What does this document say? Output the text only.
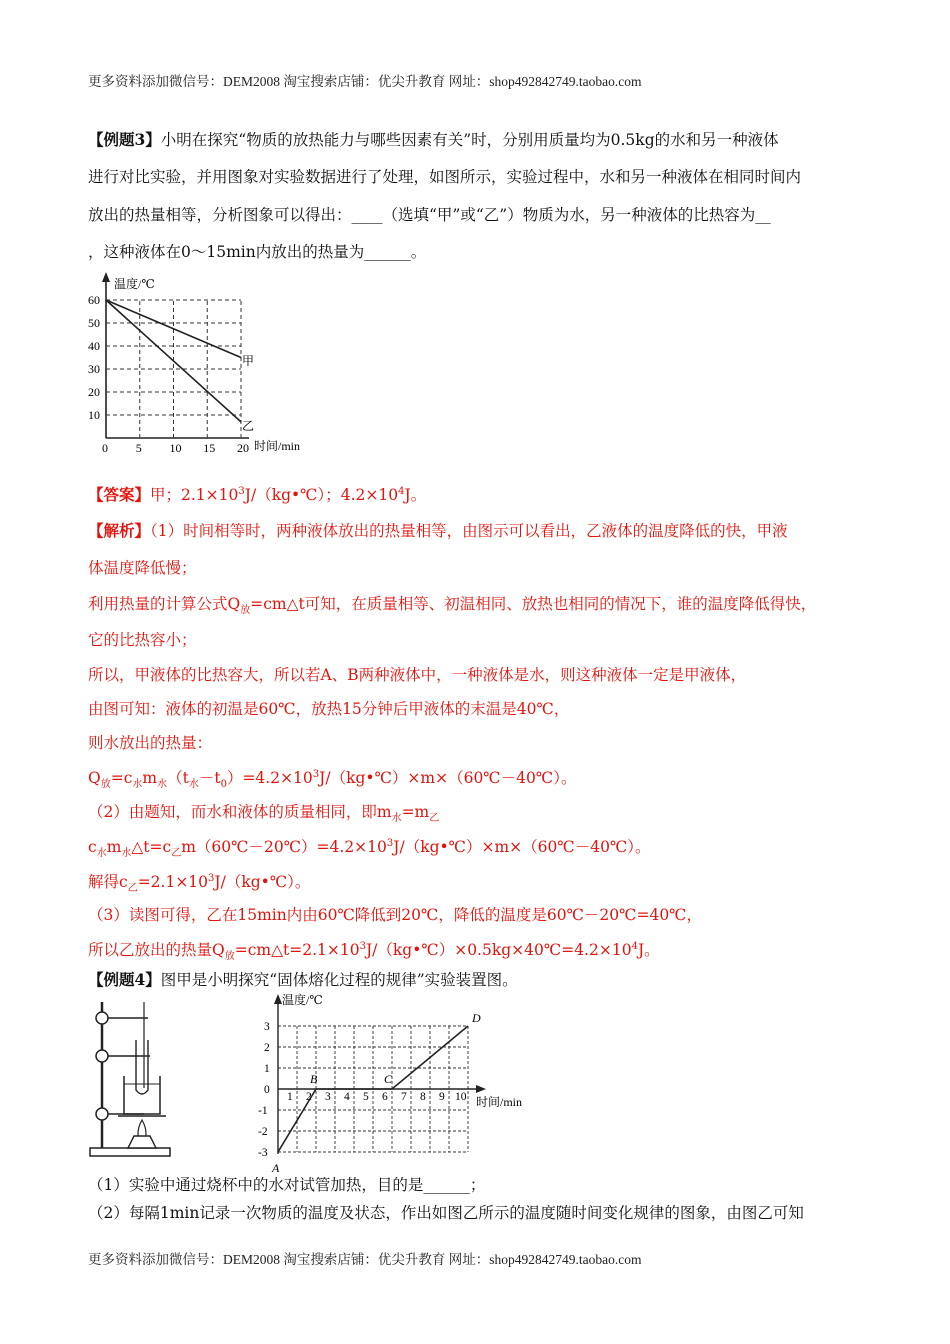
更多资料添加微信号：DEM2008 淘宝搜索店铺：优尖升教育 网址：shop492842749.taobao.com
【例题3】小明在探究“物质的放热能力与哪些因素有关”时，分别用质量均为0.5kg的水和另一种液体
进行对比实验，并用图象对实验数据进行了处理，如图所示，实验过程中，水和另一种液体在相同时间内
放出的热量相等，分析图象可以得出：____（选填“甲”或“乙”）物质为水，另一种液体的比热容为__
，这种液体在0～15min内放出的热量为______。
温度/℃
60
50
40
30
20
10
0 5 10 15 20
甲
乙
时间/min
【答案】甲；$2.1\times 10^3J/(kg•℃)$；$4.2\times 10^4J$。
【解析】（1）时间相等时，两种液体放出的热量相等，由图示可以看出，乙液体的温度降低的快，甲液
体温度降低慢；
利用热量的计算公式$Q_放=cm\triangle t$可知，在质量相等、初温相同、放热也相同的情况下，谁的温度降低得快，
它的比热容小；
所以，甲液体的比热容大，所以若A、B两种液体中，一种液体是水，则这种液体一定是甲液体，
由图可知：液体的初温是60℃，放热15分钟后甲液体的末温是40℃，
则水放出的热量：
$Q_放=c_水m_水(t_水-t_0)=4.2\times 10^3J/(kg•℃)\times m\times(60℃-40℃)$。
（2）由题知，而水和液体的质量相同，即$m_水=m_乙$
$c_水m_水\triangle t=c_乙m(60℃-20℃)=4.2\times 10^3J/(kg•℃)\times m\times(60℃-40℃)$。
解得$c_乙=2.1\times 10^3J/(kg•℃)$。
（3）读图可得，乙在15min内由60℃降低到20℃，降低的温度是60℃－20℃=40℃，
所以乙放出的热量$Q_放=cm\triangle t=2.1\times 10^3J/(kg•℃)\times 0.5kg\times 40℃=4.2\times 10^4J$。
【例题4】图甲是小明探究“固体熔化过程的规律”实验装置图。
温度/℃
时间/min
3
2
1
0
-1
-2
-3
1 2 3 4 5 6 7 8 9 10
A
B	C
D
（1）实验中通过烧杯中的水对试管加热，目的是______；
（2）每隔1min记录一次物质的温度及状态，作出如图乙所示的温度随时间变化规律的图象，由图乙可知
更多资料添加微信号：DEM2008 淘宝搜索店铺：优尖升教育 网址：shop492842749.taobao.com
